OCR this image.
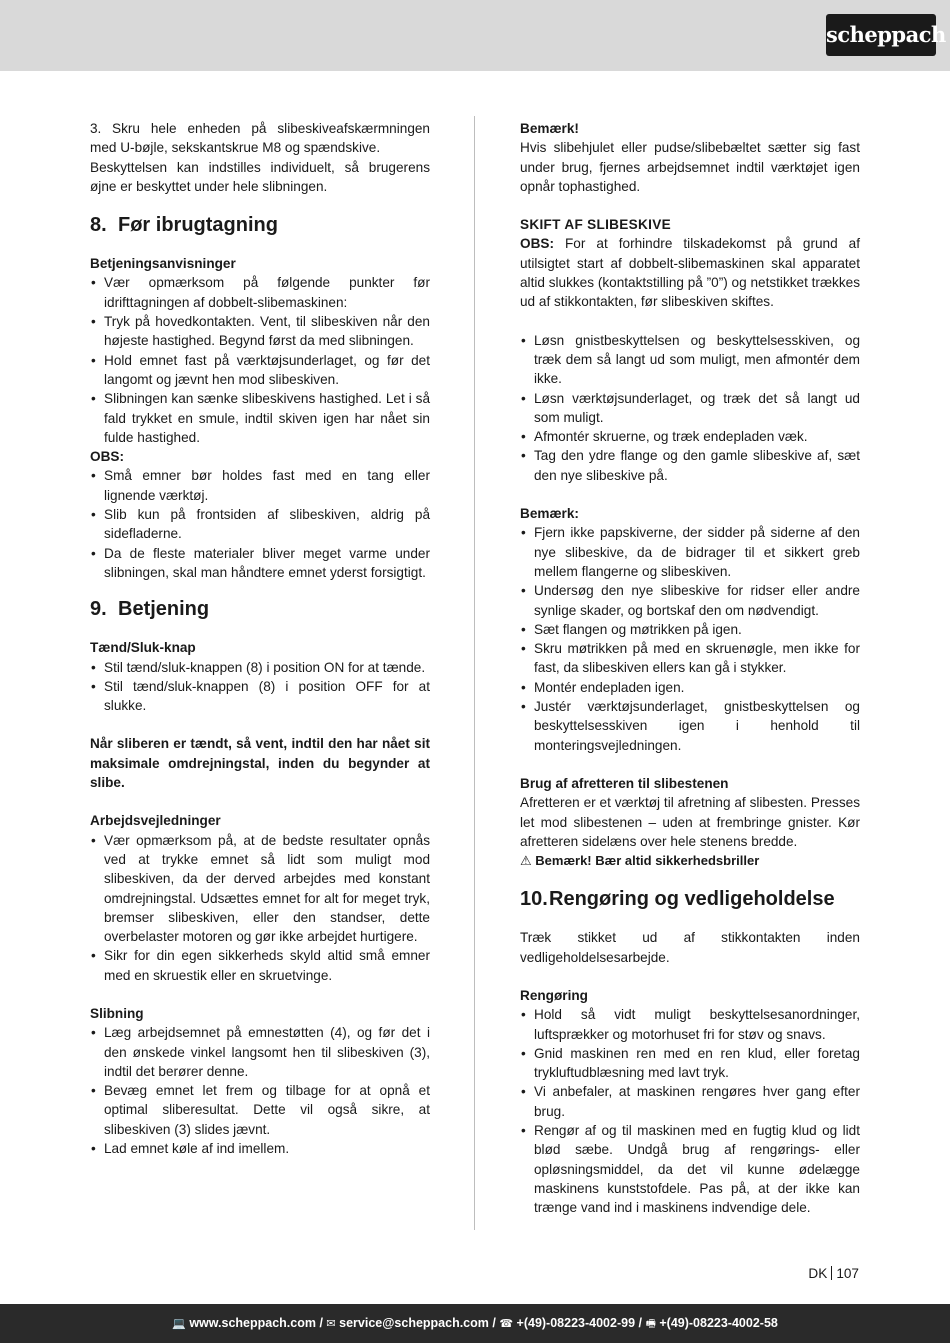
scheppach

3. Skru hele enheden på slibeskiveafskærmningen med U-bøjle, sekskantskrue M8 og spændskive.

Beskyttelsen kan indstilles individuelt, så brugerens øjne er beskyttet under hele slibningen.

8. Før ibrugtagning

Betjeningsanvisninger

• Vær opmærksom på følgende punkter før idrifttagningen af dobbelt-slibemaskinen:
• Tryk på hovedkontakten. Vent, til slibeskiven når den højeste hastighed. Begynd først da med slibningen.
• Hold emnet fast på værktøjsunderlaget, og før det langomt og jævnt hen mod slibeskiven.
• Slibningen kan sænke slibeskivens hastighed. Let i så fald trykket en smule, indtil skiven igen har nået sin fulde hastighed.

OBS:

• Små emner bør holdes fast med en tang eller lignende værktøj.
• Slib kun på frontsiden af slibeskiven, aldrig på sidefladerne.
• Da de fleste materialer bliver meget varme under slibningen, skal man håndtere emnet yderst forsigtigt.
9. Betjening

Tænd/Sluk-knap

• Stil tænd/sluk-knappen (8) i position ON for at tænde.
• Stil tænd/sluk-knappen (8) i position OFF for at slukke.

Når sliberen er tændt, så vent, indtil den har nået sit maksimale omdrejningstal, inden du begynder at slibe.

Arbejdsvejledninger

• Vær opmærksom på, at de bedste resultater opnås ved at trykke emnet så lidt som muligt mod slibeskiven, da der derved arbejdes med konstant omdrejningstal. Udsættes emnet for alt for meget tryk, bremser slibeskiven, eller den standser, dette overbelaster motoren og gør ikke arbejdet hurtigere.
• Sikr for din egen sikkerheds skyld altid små emner med en skruestik eller en skruetvinge.

Slibning

• Læg arbejdsemnet på emnestøtten (4), og før det i den ønskede vinkel langsomt hen til slibeskiven (3), indtil det berører denne.
• Bevæg emnet let frem og tilbage for at opnå et optimal sliberesultat. Dette vil også sikre, at slibeskiven (3) slides jævnt.
• Lad emnet køle af ind imellem.

Bemærk!

Hvis slibehjulet eller pudse/slibebæltet sætter sig fast under brug, fjernes arbejdsemnet indtil værktøjet igen opnår tophastighed.

SKIFT AF SLIBESKIVE

OBS: For at forhindre tilskadekomst på grund af utilsigtet start af dobbelt-slibemaskinen skal apparatet altid slukkes (kontaktstilling på ”0”) og netstikket trækkes ud af stikkontakten, før slibeskiven skiftes.

• Løsn gnistbeskyttelsen og beskyttelsesskiven, og træk dem så langt ud som muligt, men afmontér dem ikke.
• Løsn værktøjsunderlaget, og træk det så langt ud som muligt.
• Afmontér skruerne, og træk endepladen væk.
• Tag den ydre flange og den gamle slibeskive af, sæt den nye slibeskive på.

Bemærk:

• Fjern ikke papskiverne, der sidder på siderne af den nye slibeskive, da de bidrager til et sikkert greb mellem flangerne og slibeskiven.
• Undersøg den nye slibeskive for ridser eller andre synlige skader, og bortskaf den om nødvendigt.
• Sæt flangen og møtrikken på igen.
• Skru møtrikken på med en skruenøgle, men ikke for fast, da slibeskiven ellers kan gå i stykker.
• Montér endepladen igen.
• Justér værktøjsunderlaget, gnistbeskyttelsen og beskyttelsesskiven igen i henhold til monteringsvejledningen.

Brug af afretteren til slibestenen

Afretteren er et værktøj til afretning af slibesten. Presses let mod slibestenen – uden at frembringe gnister. Kør afretteren sidelæns over hele stenens bredde.

⚠ Bemærk! Bær altid sikkerhedsbriller

10.Rengøring og vedligeholdelse

Træk stikket ud af stikkontakten inden vedligeholdelsesarbejde.

Rengøring

• Hold så vidt muligt beskyttelsesanordninger, luftsprækker og motorhuset fri for støv og snavs.
• Gnid maskinen ren med en ren klud, eller foretag trykluftudblæsning med lavt tryk.
• Vi anbefaler, at maskinen rengøres hver gang efter brug.
• Rengør af og til maskinen med en fugtig klud og lidt blød sæbe. Undgå brug af rengørings- eller opløsningsmiddel, da det vil kunne ødelægge maskinens kunststofdele. Pas på, at der ikke kan trænge vand ind i maskinens indvendige dele.
DK 107
💻 www.scheppach.com / ✉ service@scheppach.com / ☎ +(49)-08223-4002-99 / 🖷 +(49)-08223-4002-58
